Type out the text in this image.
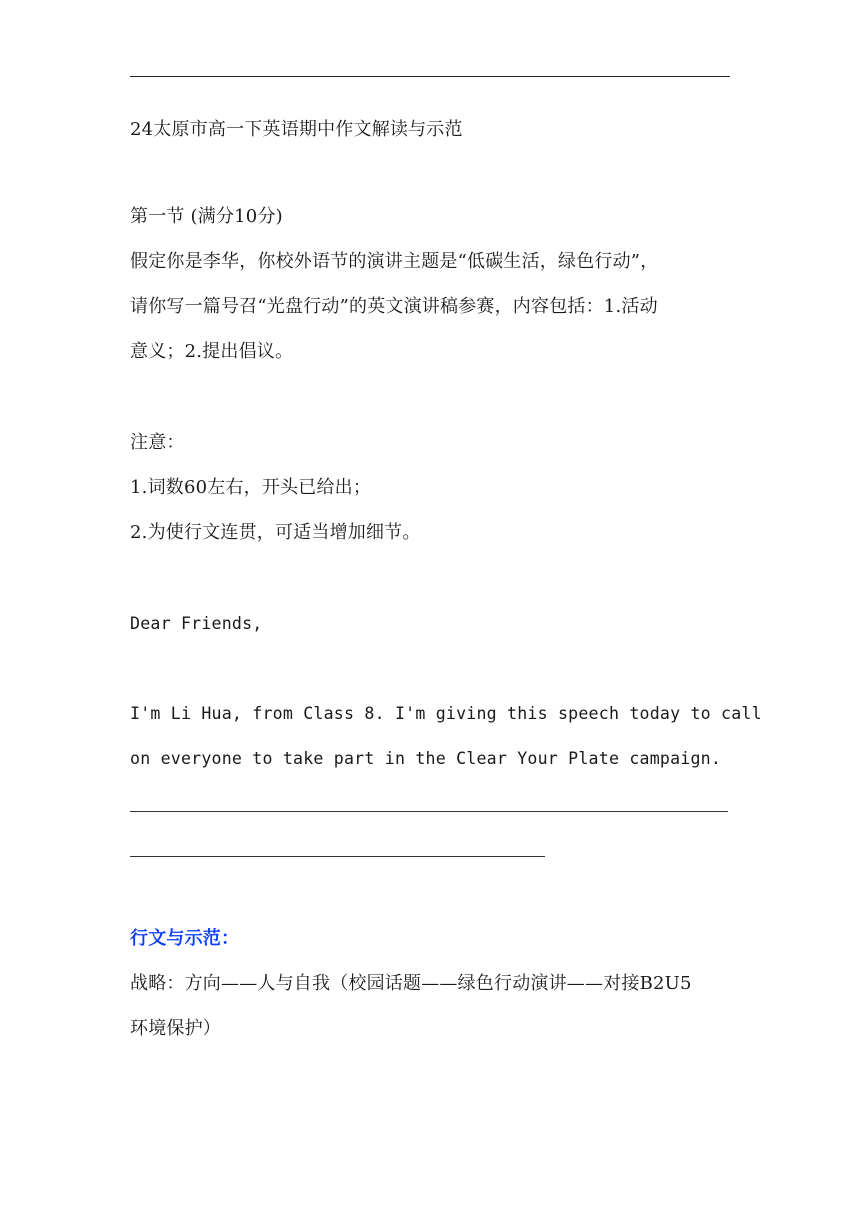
24太原市高一下英语期中作文解读与示范
第一节 (满分10分)
假定你是李华，你校外语节的演讲主题是“低碳生活，绿色行动”，
请你写一篇号召“光盘行动”的英文演讲稿参赛，内容包括：1.活动
意义；2.提出倡议。
注意：
1.词数60左右，开头已给出；
2.为使行文连贯，可适当增加细节。
Dear Friends,
I'm Li Hua, from Class 8. I'm giving this speech today to call
on everyone to take part in the Clear Your Plate campaign.
行文与示范：
战略：方向——人与自我（校园话题——绿色行动演讲——对接B2U5
环境保护）
